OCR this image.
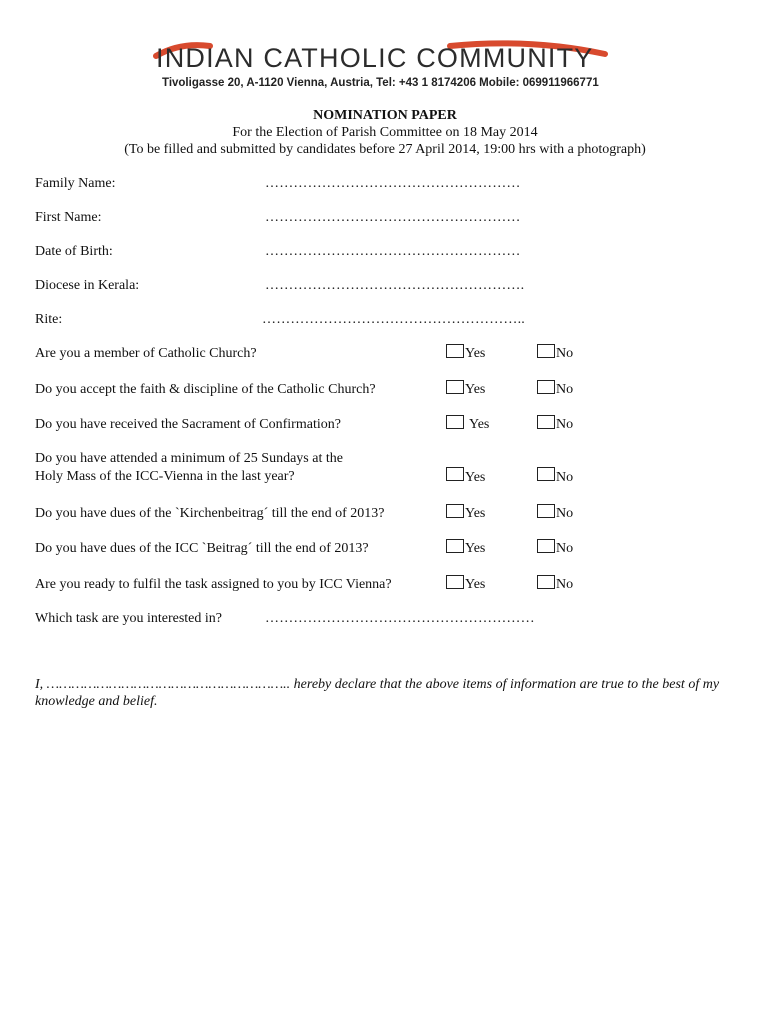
INDIAN CATHOLIC COMMUNITY
Tivoligasse 20, A-1120 Vienna, Austria, Tel: +43 1 8174206 Mobile: 069911966771
NOMINATION PAPER
For the Election of Parish Committee on 18 May 2014
(To be filled and submitted by candidates before 27 April 2014, 19:00 hrs with a photograph)
Family Name:	………………………………………………
First Name:	………………………………………………
Date of Birth:	………………………………………………
Diocese in Kerala:	……………………………………………….
Rite:	………………………………………………..
Are you a member of Catholic Church?	Yes	No
Do you accept the faith & discipline of the Catholic Church?	Yes	No
Do you have received the Sacrament of Confirmation?	Yes	No
Do you have attended a minimum of 25 Sundays at the
Holy Mass of the ICC-Vienna in the last year?	Yes	No
Do you have dues of the `Kirchenbeitrag´ till the end of 2013?	Yes	No
Do you have dues of the ICC `Beitrag´ till the end of 2013?	Yes	No
Are you ready to fulfil the task assigned to you by ICC Vienna?	Yes	No
Which task are you interested in?	…………………………………………………
I, ………………………………………………….. hereby declare that the above items of information are true to the best of my knowledge and belief.
